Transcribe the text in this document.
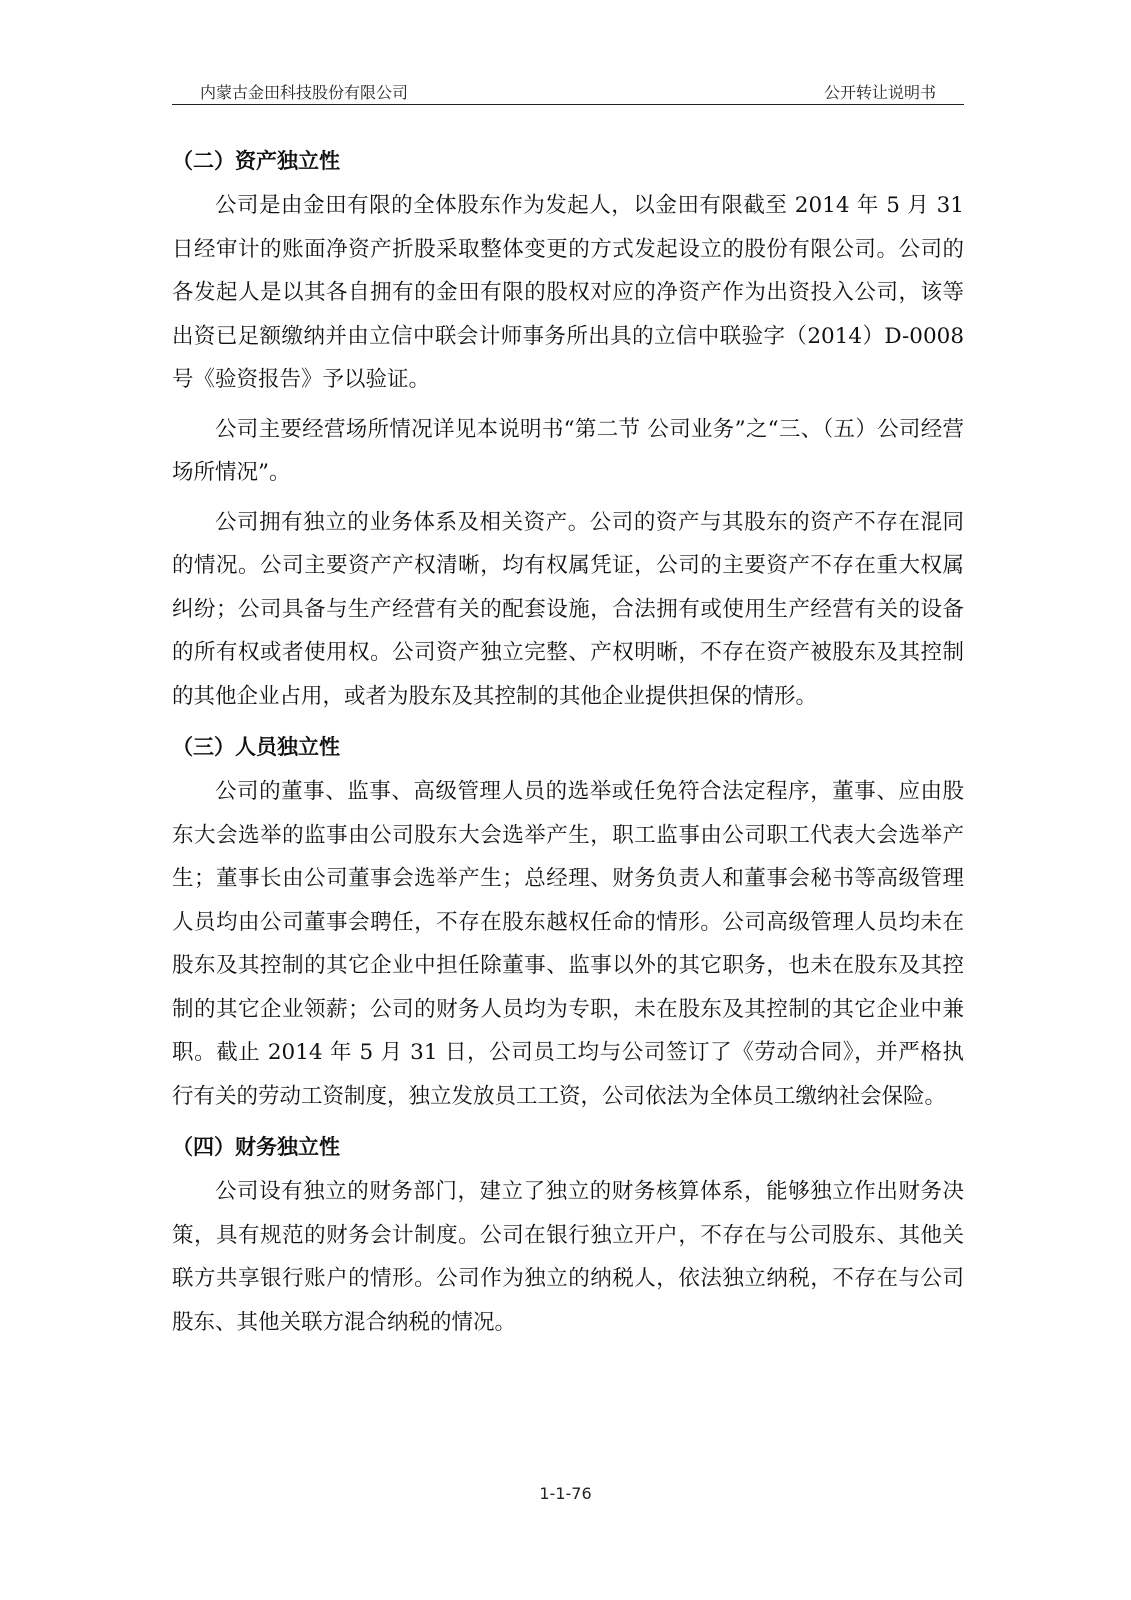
内蒙古金田科技股份有限公司	公开转让说明书
（二）资产独立性

公司是由金田有限的全体股东作为发起人，以金田有限截至 2014 年 5 月 31 日经审计的账面净资产折股采取整体变更的方式发起设立的股份有限公司。公司的各发起人是以其各自拥有的金田有限的股权对应的净资产作为出资投入公司，该等出资已足额缴纳并由立信中联会计师事务所出具的立信中联验字（2014）D-0008 号《验资报告》予以验证。

公司主要经营场所情况详见本说明书“第二节 公司业务”之“三、（五）公司经营场所情况”。

公司拥有独立的业务体系及相关资产。公司的资产与其股东的资产不存在混同的情况。公司主要资产产权清晰，均有权属凭证，公司的主要资产不存在重大权属纠纷；公司具备与生产经营有关的配套设施，合法拥有或使用生产经营有关的设备的所有权或者使用权。公司资产独立完整、产权明晰，不存在资产被股东及其控制的其他企业占用，或者为股东及其控制的其他企业提供担保的情形。

（三）人员独立性

公司的董事、监事、高级管理人员的选举或任免符合法定程序，董事、应由股东大会选举的监事由公司股东大会选举产生，职工监事由公司职工代表大会选举产生；董事长由公司董事会选举产生；总经理、财务负责人和董事会秘书等高级管理人员均由公司董事会聘任，不存在股东越权任命的情形。公司高级管理人员均未在股东及其控制的其它企业中担任除董事、监事以外的其它职务，也未在股东及其控制的其它企业领薪；公司的财务人员均为专职，未在股东及其控制的其它企业中兼职。截止 2014 年 5 月 31 日，公司员工均与公司签订了《劳动合同》，并严格执行有关的劳动工资制度，独立发放员工工资，公司依法为全体员工缴纳社会保险。

（四）财务独立性

公司设有独立的财务部门，建立了独立的财务核算体系，能够独立作出财务决策，具有规范的财务会计制度。公司在银行独立开户，不存在与公司股东、其他关联方共享银行账户的情形。公司作为独立的纳税人，依法独立纳税，不存在与公司股东、其他关联方混合纳税的情况。

1-1-76
